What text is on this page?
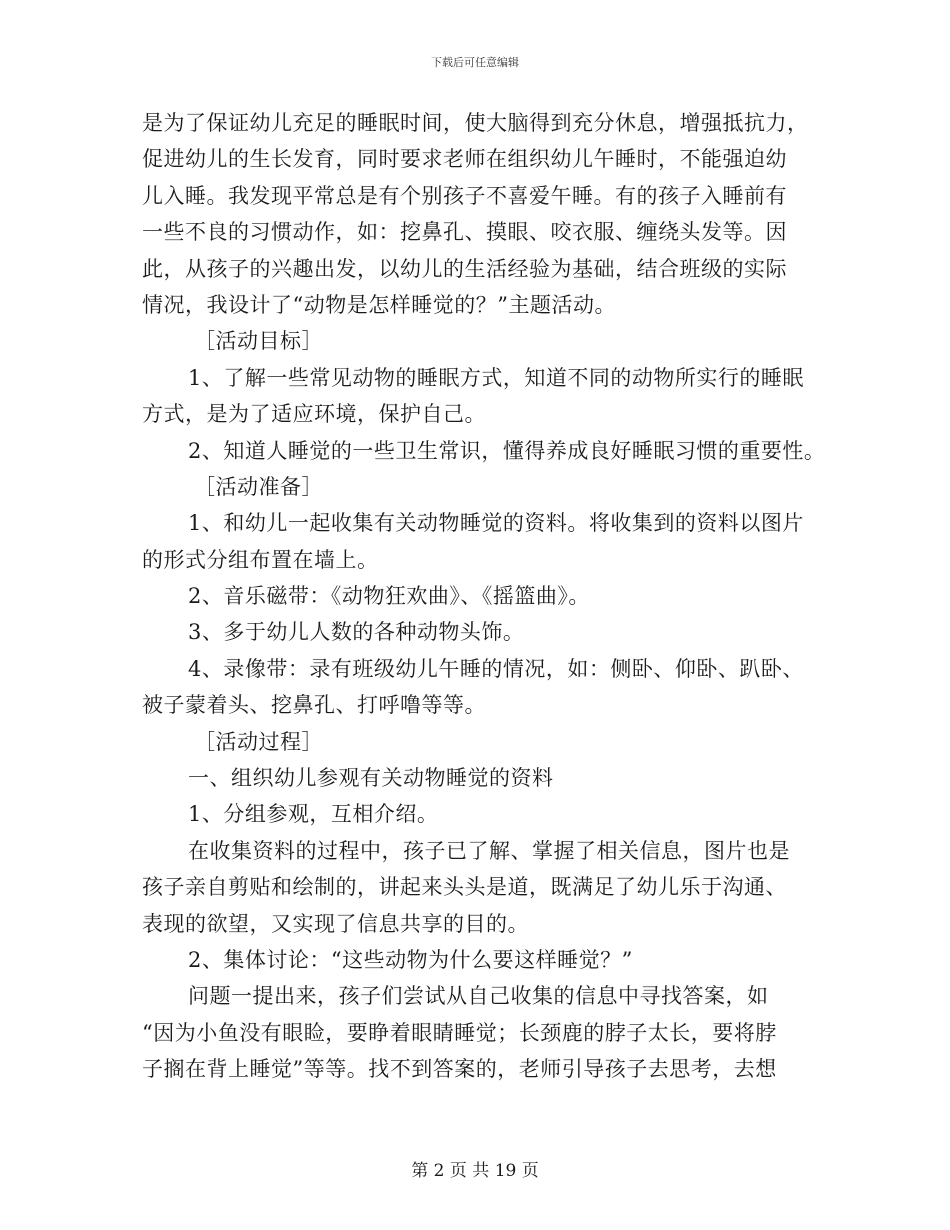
下载后可任意编辑
是为了保证幼儿充足的睡眠时间，使大脑得到充分休息，增强抵抗力，
促进幼儿的生长发育，同时要求老师在组织幼儿午睡时，不能强迫幼
儿入睡。我发现平常总是有个别孩子不喜爱午睡。有的孩子入睡前有
一些不良的习惯动作，如：挖鼻孔、摸眼、咬衣服、缠绕头发等。因
此，从孩子的兴趣出发，以幼儿的生活经验为基础，结合班级的实际
情况，我设计了“动物是怎样睡觉的？”主题活动。
［活动目标］
1、了解一些常见动物的睡眠方式，知道不同的动物所实行的睡眠
方式，是为了适应环境，保护自己。
2、知道人睡觉的一些卫生常识，懂得养成良好睡眠习惯的重要性。
［活动准备］
1、和幼儿一起收集有关动物睡觉的资料。将收集到的资料以图片
的形式分组布置在墙上。
2、音乐磁带：《动物狂欢曲》、《摇篮曲》。
3、多于幼儿人数的各种动物头饰。
4、录像带：录有班级幼儿午睡的情况，如：侧卧、仰卧、趴卧、
被子蒙着头、挖鼻孔、打呼噜等等。
［活动过程］
一、组织幼儿参观有关动物睡觉的资料
1、分组参观，互相介绍。
在收集资料的过程中，孩子已了解、掌握了相关信息，图片也是
孩子亲自剪贴和绘制的，讲起来头头是道，既满足了幼儿乐于沟通、
表现的欲望，又实现了信息共享的目的。
2、集体讨论：“这些动物为什么要这样睡觉？”
问题一提出来，孩子们尝试从自己收集的信息中寻找答案，如
“因为小鱼没有眼睑，要睁着眼睛睡觉；长颈鹿的脖子太长，要将脖
子搁在背上睡觉”等等。找不到答案的，老师引导孩子去思考，去想
第 2 页 共 19 页
